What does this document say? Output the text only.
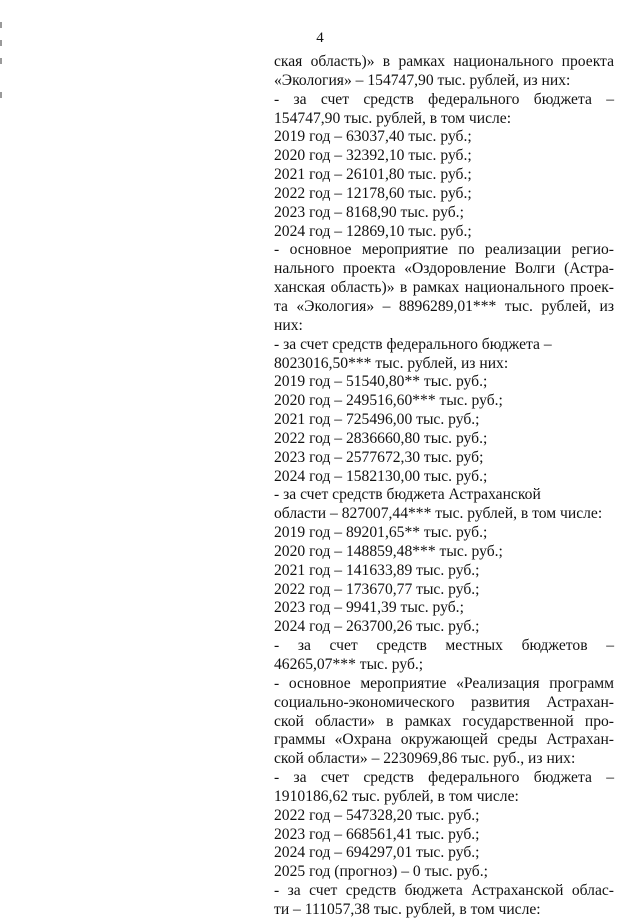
4
ская область)» в рамках национального проекта
«Экология» – 154747,90 тыс. рублей, из них:
- за счет средств федерального бюджета –
154747,90 тыс. рублей, в том числе:
2019 год – 63037,40 тыс. руб.;
2020 год – 32392,10 тыс. руб.;
2021 год – 26101,80 тыс. руб.;
2022 год – 12178,60 тыс. руб.;
2023 год – 8168,90 тыс. руб.;
2024 год – 12869,10 тыс. руб.;
- основное мероприятие по реализации регио-
нального проекта «Оздоровление Волги (Астра-
ханская область)» в рамках национального проек-
та «Экология» – 8896289,01*** тыс. рублей, из
них:
- за счет средств федерального бюджета –
8023016,50*** тыс. рублей, из них:
2019 год – 51540,80** тыс. руб.;
2020 год – 249516,60*** тыс. руб.;
2021 год – 725496,00 тыс. руб.;
2022 год – 2836660,80 тыс. руб.;
2023 год – 2577672,30 тыс. руб;
2024 год – 1582130,00 тыс. руб.;
- за счет средств бюджета Астраханской
области – 827007,44*** тыс. рублей, в том числе:
2019 год – 89201,65** тыс. руб.;
2020 год – 148859,48*** тыс. руб.;
2021 год – 141633,89 тыс. руб.;
2022 год – 173670,77 тыс. руб.;
2023 год – 9941,39 тыс. руб.;
2024 год – 263700,26 тыс. руб.;
- за счет средств местных бюджетов –
46265,07*** тыс. руб.;
- основное мероприятие «Реализация программ
социально-экономического развития Астрахан-
ской области» в рамках государственной про-
граммы «Охрана окружающей среды Астрахан-
ской области» – 2230969,86 тыс. руб., из них:
- за счет средств федерального бюджета –
1910186,62 тыс. рублей, в том числе:
2022 год – 547328,20 тыс. руб.;
2023 год – 668561,41 тыс. руб.;
2024 год – 694297,01 тыс. руб.;
2025 год (прогноз) – 0 тыс. руб.;
- за счет средств бюджета Астраханской облас-
ти – 111057,38 тыс. рублей, в том числе:
